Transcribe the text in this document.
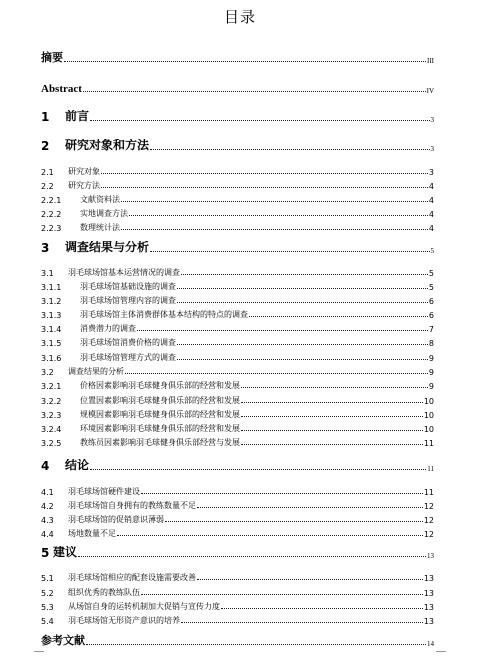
目录
摘要	III
Abstract	IV
1	前言	3
2	研究对象和方法	3
2.1	研究对象	3
2.2	研究方法	4
2.2.1	文献资料法	4
2.2.2	实地调查方法	4
2.2.3	数理统计法	4
3	调查结果与分析	5
3.1	羽毛球场馆基本运营情况的调查	5
3.1.1	羽毛球场馆基础设施的调查	5
3.1.2	羽毛球场馆管理内容的调查	6
3.1.3	羽毛球场馆主体消费群体基本结构的特点的调查	6
3.1.4	消费潜力的调查	7
3.1.5	羽毛球场馆消费价格的调查	8
3.1.6	羽毛球场馆管理方式的调查	9
3.2	调查结果的分析	9
3.2.1	价格因素影响羽毛球健身俱乐部的经营和发展	9
3.2.2	位置因素影响羽毛球健身俱乐部的经营和发展	10
3.2.3	规模因素影响羽毛球健身俱乐部的经营和发展	10
3.2.4	环境因素影响羽毛球健身俱乐部的经营和发展	10
3.2.5	教练员因素影响羽毛球健身俱乐部经营与发展	11
4	结论	11
4.1	羽毛球场馆硬件建设	11
4.2	羽毛球场馆自身拥有的教练数量不足	12
4.3	羽毛球场馆的促销意识薄弱	12
4.4	场地数量不足	12
5 建议	13
5.1	羽毛球场馆相应的配套设施需要改善	13
5.2	组织优秀的教练队伍	13
5.3	从场馆自身的运转机制加大促销与宣传力度	13
5.4	羽毛球场馆无形资产意识的培养	13
参考文献	14
